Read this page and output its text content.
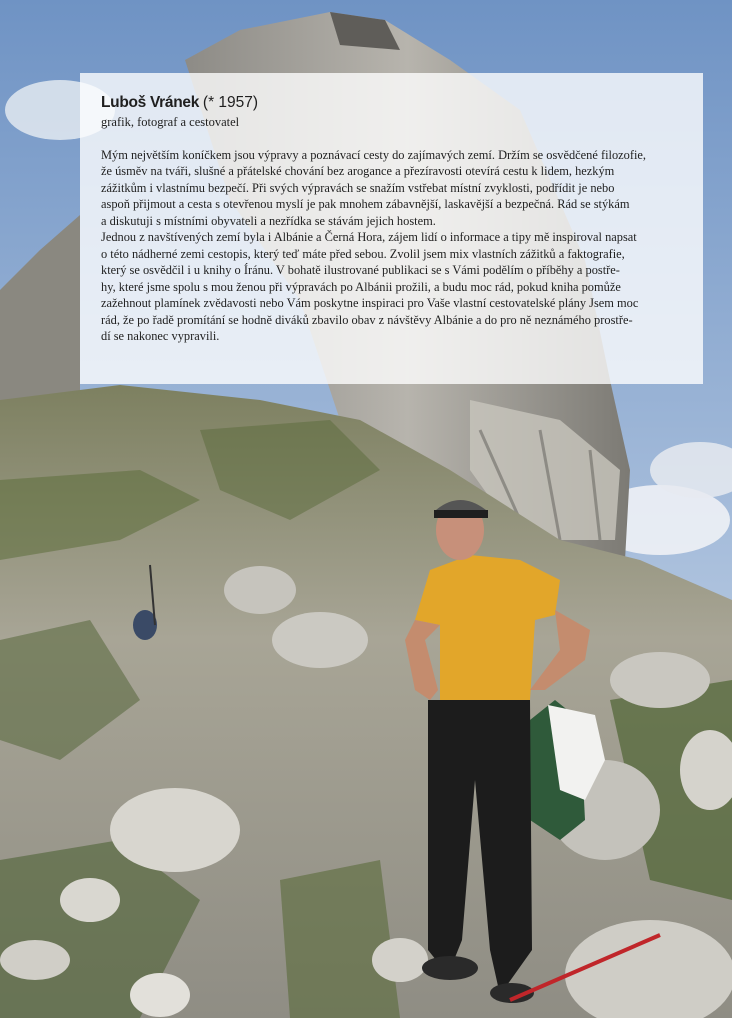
Luboš Vránek (* 1957)

grafik, fotograf a cestovatel

Mým největším koníčkem jsou výpravy a poznávací cesty do zajímavých zemí. Držím se osvědčené filozofie,
že úsměv na tváři, slušné a přátelské chování bez arogance a přezíravosti otevírá cestu k lidem, hezkým
zážitkům i vlastnímu bezpečí. Při svých výpravách se snažím vstřebat místní zvyklosti, podřídit je nebo
aspoň přijmout a cesta s otevřenou myslí je pak mnohem zábavnější, laskavější a bezpečná. Rád se stýkám
a diskutuji s místními obyvateli a nezřídka se stávám jejich hostem.

Jednou z navštívených zemí byla i Albánie a Černá Hora, zájem lidí o informace a tipy mě inspiroval napsat
o této nádherné zemi cestopis, který teď máte před sebou. Zvolil jsem mix vlastních zážitků a faktografie,
který se osvědčil i u knihy o Íránu. V bohatě ilustrované publikaci se s Vámi podělím o příběhy a postře-
hy, které jsme spolu s mou ženou při výpravách po Albánii prožili, a budu moc rád, pokud kniha pomůže
zažehnout plamínek zvědavosti nebo Vám poskytne inspiraci pro Vaše vlastní cestovatelské plány Jsem moc
rád, že po řadě promítání se hodně diváků zbavilo obav z návštěvy Albánie a do pro ně neznámého prostře-
dí se nakonec vypravili.
